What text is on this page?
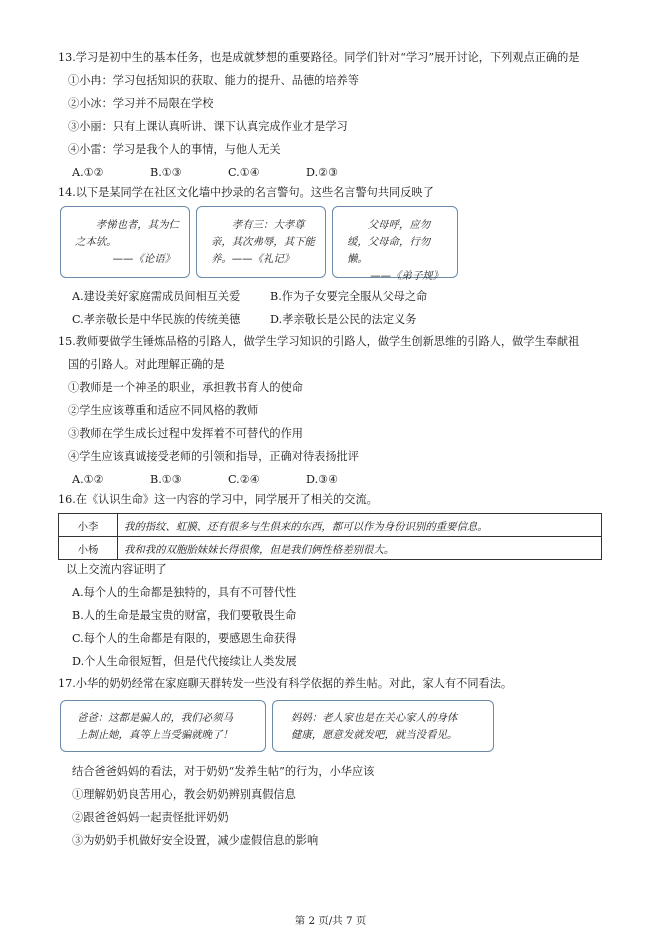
13.学习是初中生的基本任务，也是成就梦想的重要路径。同学们针对“学习”展开讨论，下列观点正确的是
①小冉：学习包括知识的获取、能力的提升、品德的培养等
②小冰：学习并不局限在学校
③小丽：只有上课认真听讲、课下认真完成作业才是学习
④小雷：学习是我个人的事情，与他人无关
A.①②	B.①③	C.①④	D.②③
14.以下是某同学在社区文化墙中抄录的名言警句。这些名言警句共同反映了
孝悌也者，其为仁之本欤。
——《论语》
孝有三：大孝尊亲，其次弗辱，其下能养。——《礼记》
父母呼，应勿缓，父母命，行勿懒。
——《弟子规》
A.建设美好家庭需成员间相互关爱	B.作为子女要完全服从父母之命
C.孝亲敬长是中华民族的传统美德	D.孝亲敬长是公民的法定义务
15.教师要做学生锤炼品格的引路人，做学生学习知识的引路人，做学生创新思维的引路人，做学生奉献祖
国的引路人。对此理解正确的是
①教师是一个神圣的职业，承担教书育人的使命
②学生应该尊重和适应不同风格的教师
③教师在学生成长过程中发挥着不可替代的作用
④学生应该真诚接受老师的引领和指导，正确对待表扬批评
A.①②	B.①③	C.②④	D.③④
16.在《认识生命》这一内容的学习中，同学展开了相关的交流。
小李	我的指纹、虹膜、还有很多与生俱来的东西，都可以作为身份识别的重要信息。
小杨	我和我的双胞胎妹妹长得很像，但是我们俩性格差别很大。
以上交流内容证明了
A.每个人的生命都是独特的，具有不可替代性
B.人的生命是最宝贵的财富，我们要敬畏生命
C.每个人的生命都是有限的，要感恩生命获得
D.个人生命很短暂，但是代代接续让人类发展
17.小华的奶奶经常在家庭聊天群转发一些没有科学依据的养生帖。对此，家人有不同看法。
爸爸：这都是骗人的，我们必须马
上制止她，真等上当受骗就晚了！
妈妈：老人家也是在关心家人的身体
健康，愿意发就发吧，就当没看见。
结合爸爸妈妈的看法，对于奶奶“发养生帖”的行为，小华应该
①理解奶奶良苦用心，教会奶奶辨别真假信息
②跟爸爸妈妈一起责怪批评奶奶
③为奶奶手机做好安全设置，减少虚假信息的影响
第 2 页/共 7 页
